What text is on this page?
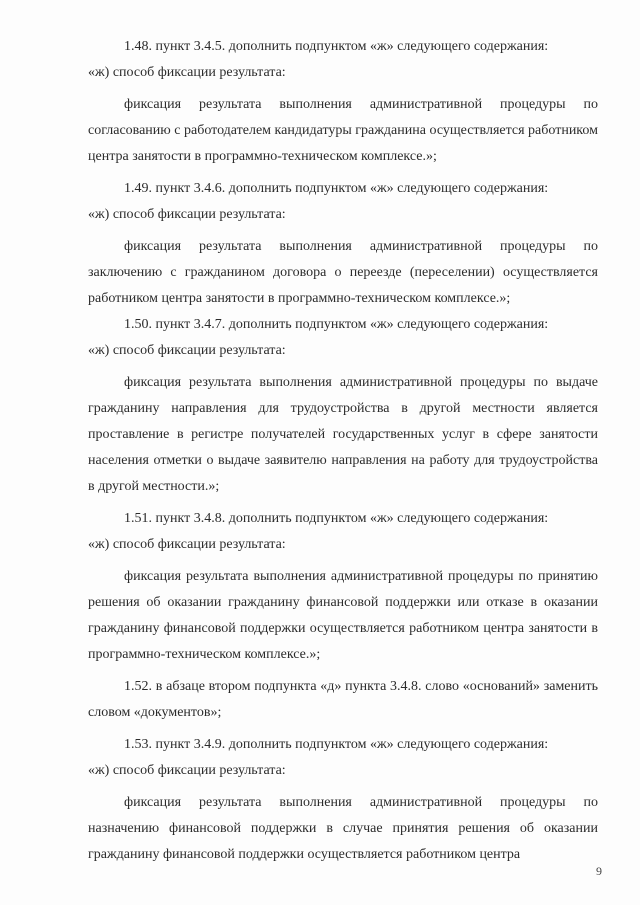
1.48. пункт 3.4.5. дополнить подпунктом «ж» следующего содержания:

«ж) способ фиксации результата:

фиксация результата выполнения административной процедуры по согласованию с работодателем кандидатуры гражданина осуществляется работником центра занятости в программно-техническом комплексе.»;

1.49. пункт 3.4.6. дополнить подпунктом «ж» следующего содержания:

«ж) способ фиксации результата:

фиксация результата выполнения административной процедуры по заключению с гражданином договора о переезде (переселении) осуществляется работником центра занятости в программно-техническом комплексе.»;

1.50. пункт 3.4.7. дополнить подпунктом «ж» следующего содержания:

«ж) способ фиксации результата:

фиксация результата выполнения административной процедуры по выдаче гражданину направления для трудоустройства в другой местности является проставление в регистре получателей государственных услуг в сфере занятости населения отметки о выдаче заявителю направления на работу для трудоустройства в другой местности.»;

1.51. пункт 3.4.8. дополнить подпунктом «ж» следующего содержания:

«ж) способ фиксации результата:

фиксация результата выполнения административной процедуры по принятию решения об оказании гражданину финансовой поддержки или отказе в оказании гражданину финансовой поддержки осуществляется работником центра занятости в программно-техническом комплексе.»;

1.52. в абзаце втором подпункта «д» пункта 3.4.8. слово «оснований» заменить словом «документов»;

1.53. пункт 3.4.9. дополнить подпунктом «ж» следующего содержания:

«ж) способ фиксации результата:

фиксация результата выполнения административной процедуры по назначению финансовой поддержки в случае принятия решения об оказании гражданину финансовой поддержки осуществляется работником центра

9
